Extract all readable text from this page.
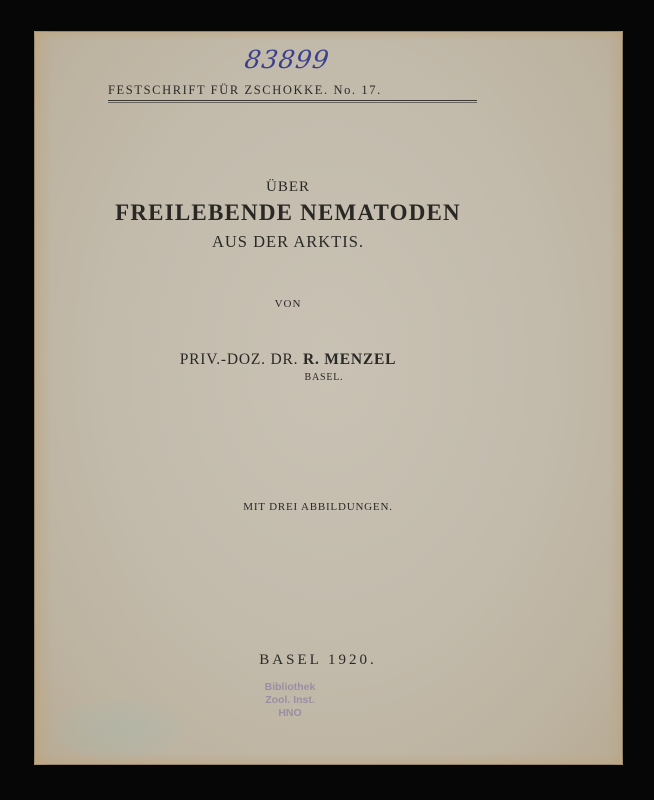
83899
FESTSCHRIFT FÜR ZSCHOKKE. No. 17.
ÜBER
FREILEBENDE NEMATODEN
AUS DER ARKTIS.
VON
PRIV.-DOZ. DR. R. MENZEL
BASEL.
MIT DREI ABBILDUNGEN.
BASEL 1920.
Bibliothek
Zool. Inst.
HNO
